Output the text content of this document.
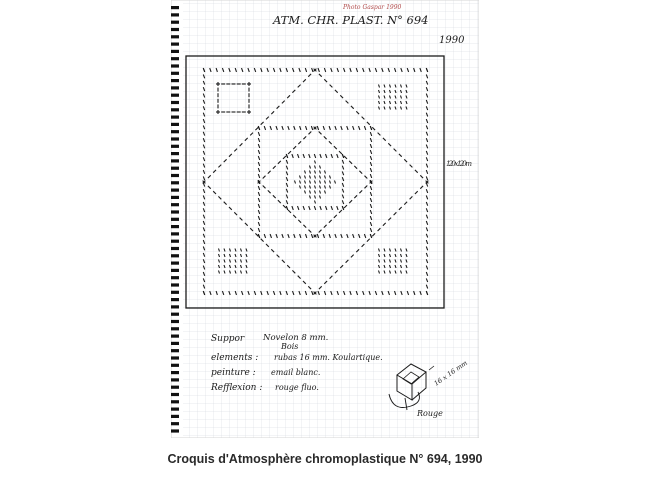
Photo Gaspar 1990
ATM. CHR. PLAST. N° 694
1990
120 x 120 m
Suppor Novelon 8 mm.
Bois
elements : rubas 16 mm. Koulartique.
peinture : email blanc.
Refflexion : rouge fluo.	16 x 16 mm
Rouge
Croquis d'Atmosphère chromoplastique N° 694, 1990
